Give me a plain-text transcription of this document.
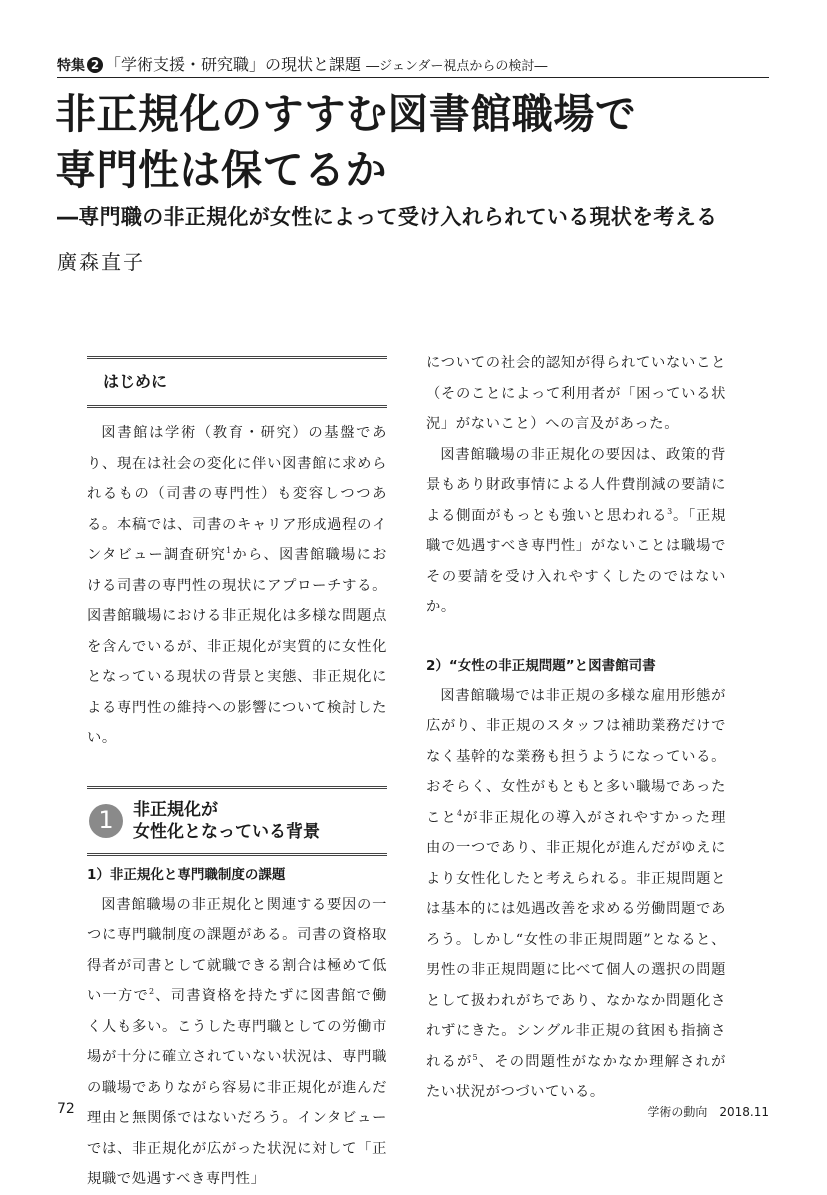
特集 2 「学術支援・研究職」の現状と課題 ―ジェンダー視点からの検討―
非正規化のすすむ図書館職場で
専門性は保てるか
―専門職の非正規化が女性によって受け入れられている現状を考える
廣森直子
はじめに

図書館は学術（教育・研究）の基盤であり、現在は社会の変化に伴い図書館に求められるもの（司書の専門性）も変容しつつある。本稿では、司書のキャリア形成過程のインタビュー調査研究$^1$から、図書館職場における司書の専門性の現状にアプローチする。図書館職場における非正規化は多様な問題点を含んでいるが、非正規化が実質的に女性化となっている現状の背景と実態、非正規化による専門性の維持への影響について検討したい。

1	非正規化が
女性化となっている背景

1）非正規化と専門職制度の課題

図書館職場の非正規化と関連する要因の一つに専門職制度の課題がある。司書の資格取得者が司書として就職できる割合は極めて低い一方で$^2$、司書資格を持たずに図書館で働く人も多い。こうした専門職としての労働市場が十分に確立されていない状況は、専門職の職場でありながら容易に非正規化が進んだ理由と無関係ではないだろう。インタビューでは、非正規化が広がった状況に対して「正規職で処遇すべき専門性」

についての社会的認知が得られていないこと（そのことによって利用者が「困っている状況」がないこと）への言及があった。

図書館職場の非正規化の要因は、政策的背景もあり財政事情による人件費削減の要請による側面がもっとも強いと思われる$^3$。「正規職で処遇すべき専門性」がないことは職場でその要請を受け入れやすくしたのではないか。

2）“女性の非正規問題”と図書館司書

図書館職場では非正規の多様な雇用形態が広がり、非正規のスタッフは補助業務だけでなく基幹的な業務も担うようになっている。おそらく、女性がもともと多い職場であったこと$^4$が非正規化の導入がされやすかった理由の一つであり、非正規化が進んだがゆえにより女性化したと考えられる。非正規問題とは基本的には処遇改善を求める労働問題であろう。しかし“女性の非正規問題”となると、男性の非正規問題に比べて個人の選択の問題として扱われがちであり、なかなか問題化されずにきた。シングル非正規の貧困も指摘されるが$^5$、その問題性がなかなか理解されがたい状況がつづいている。

72	学術の動向　2018.11
